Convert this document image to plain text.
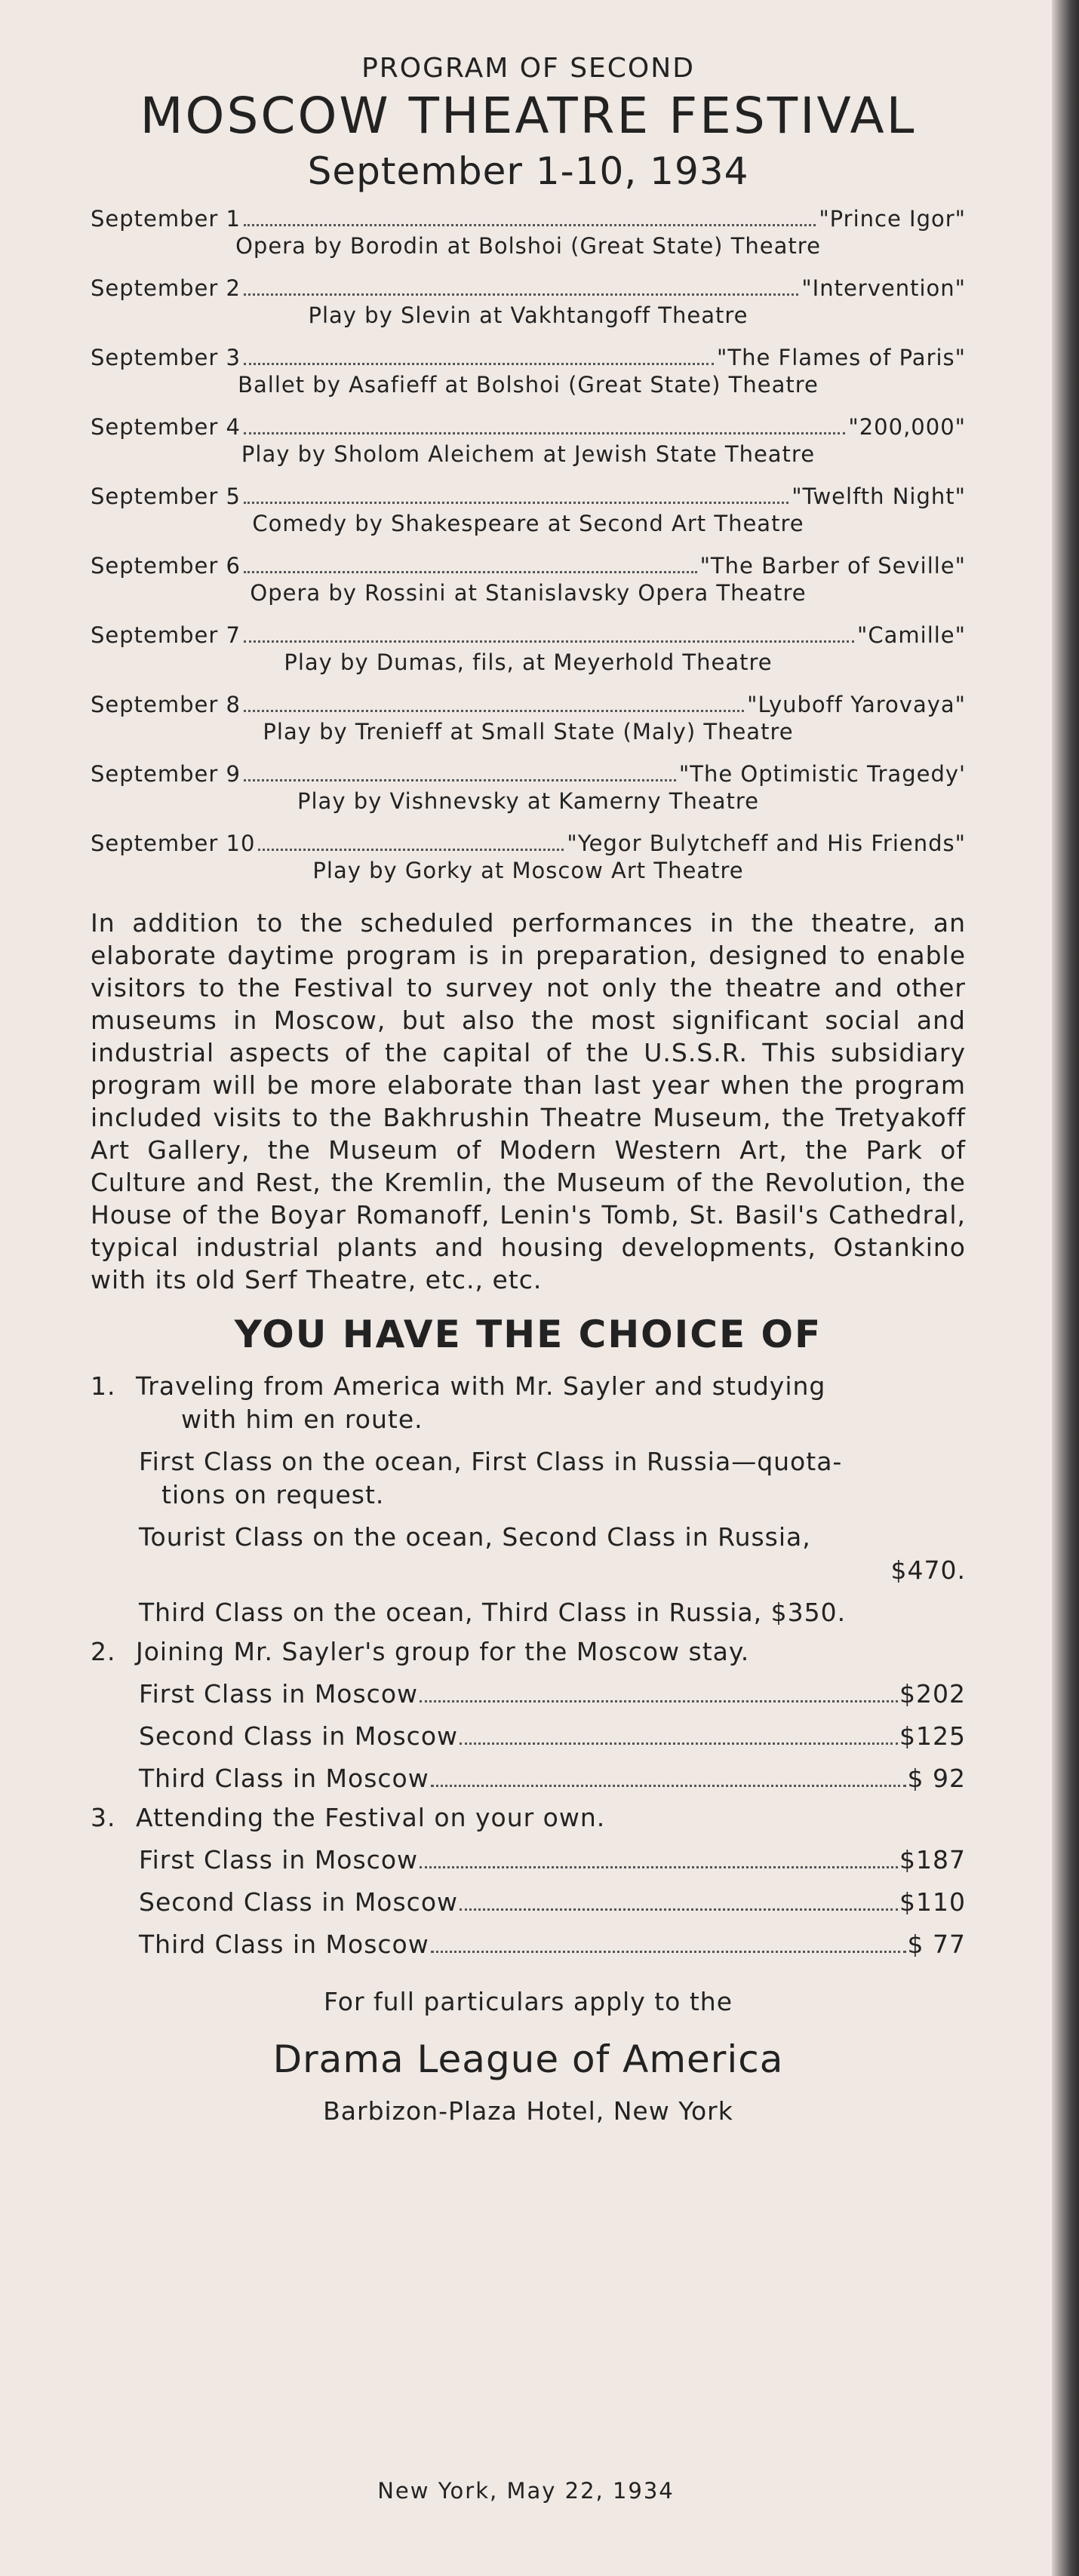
PROGRAM OF SECOND
MOSCOW THEATRE FESTIVAL
September 1-10, 1934
September 1	"Prince Igor"
Opera by Borodin at Bolshoi (Great State) Theatre
September 2	"Intervention"
Play by Slevin at Vakhtangoff Theatre
September 3	"The Flames of Paris"
Ballet by Asafieff at Bolshoi (Great State) Theatre
September 4	"200,000"
Play by Sholom Aleichem at Jewish State Theatre
September 5	"Twelfth Night"
Comedy by Shakespeare at Second Art Theatre
September 6	"The Barber of Seville"
Opera by Rossini at Stanislavsky Opera Theatre
September 7	"Camille"
Play by Dumas, fils, at Meyerhold Theatre
September 8	"Lyuboff Yarovaya"
Play by Trenieff at Small State (Maly) Theatre
September 9	"The Optimistic Tragedy'
Play by Vishnevsky at Kamerny Theatre
September 10	"Yegor Bulytcheff and His Friends"
Play by Gorky at Moscow Art Theatre
In addition to the scheduled performances in the theatre, an elaborate daytime program is in preparation, designed to enable visitors to the Festival to survey not only the theatre and other museums in Moscow, but also the most significant social and industrial aspects of the capital of the U.S.S.R. This subsidiary program will be more elaborate than last year when the program included visits to the Bakhrushin Theatre Museum, the Tretyakoff Art Gallery, the Museum of Modern Western Art, the Park of Culture and Rest, the Kremlin, the Museum of the Revolution, the House of the Boyar Romanoff, Lenin's Tomb, St. Basil's Cathedral, typical industrial plants and housing developments, Ostankino with its old Serf Theatre, etc., etc.
YOU HAVE THE CHOICE OF
1. Traveling from America with Mr. Sayler and studying
with him en route.
First Class on the ocean, First Class in Russia—quota-
tions on request.
Tourist Class on the ocean, Second Class in Russia,
$470.
Third Class on the ocean, Third Class in Russia, $350.
2. Joining Mr. Sayler's group for the Moscow stay.
First Class in Moscow	$202
Second Class in Moscow	$125
Third Class in Moscow	$ 92
3. Attending the Festival on your own.
First Class in Moscow	$187
Second Class in Moscow	$110
Third Class in Moscow	$ 77
For full particulars apply to the
Drama League of America
Barbizon-Plaza Hotel, New York
New York, May 22, 1934
